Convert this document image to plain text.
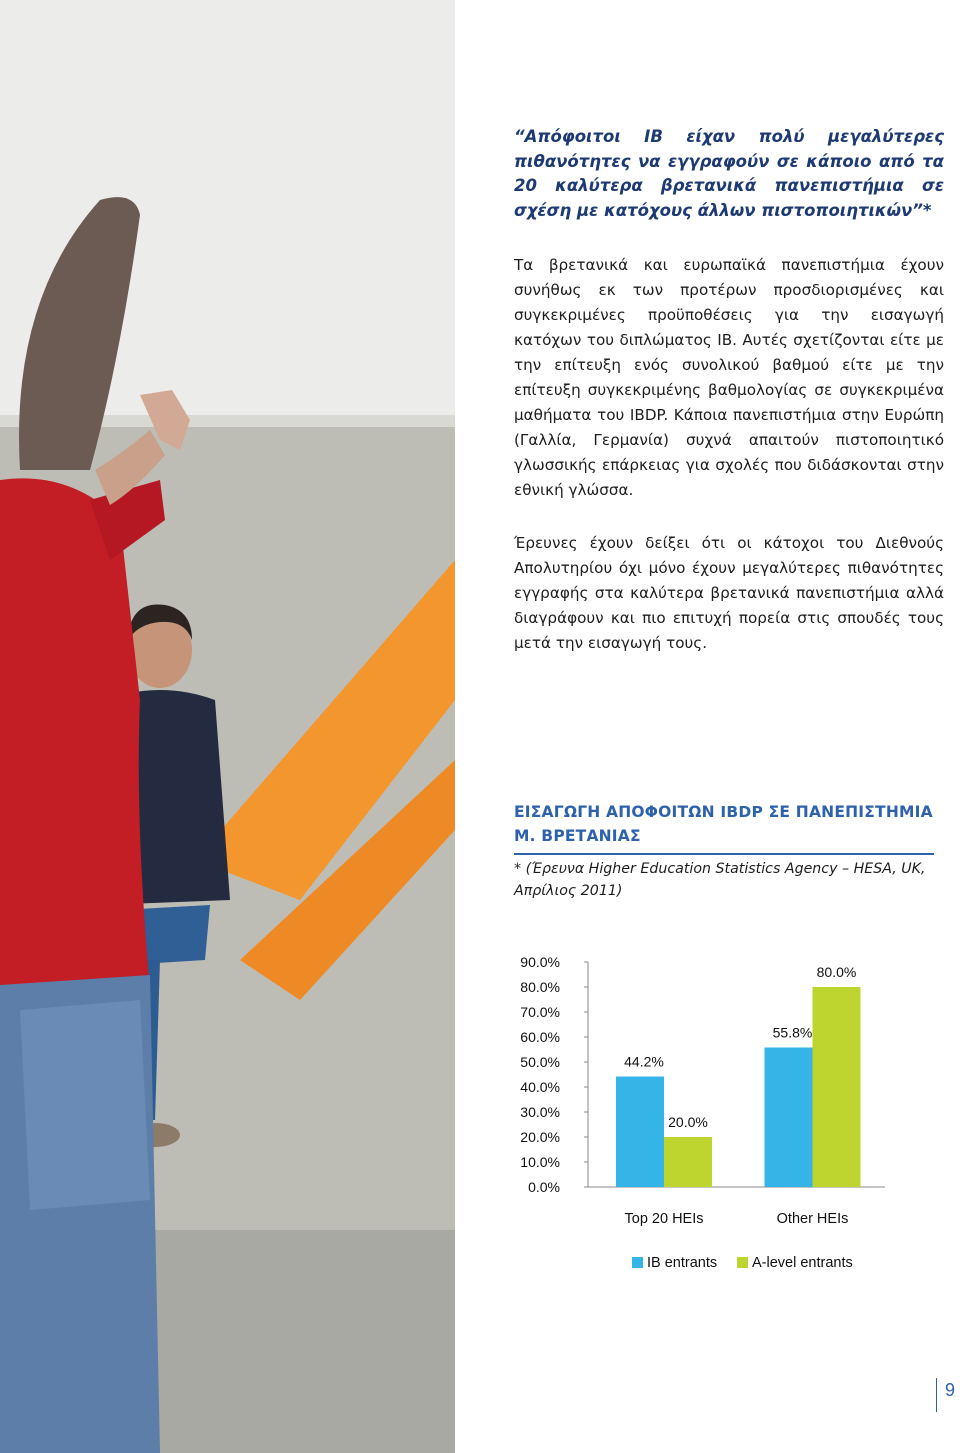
“Απόφοιτοι IB είχαν πολύ μεγαλύτερες πιθανότητες να εγγραφούν σε κάποιο από τα 20 καλύτερα βρετανικά πανεπιστήμια σε σχέση με κατόχους άλλων πιστοποιητικών”*

Τα βρετανικά και ευρωπαϊκά πανεπιστήμια έχουν συνήθως εκ των προτέρων προσδιορισμένες και συγκεκριμένες προϋποθέσεις για την εισαγωγή κατόχων του διπλώματος IB. Αυτές σχετίζονται είτε με την επίτευξη ενός συνολικού βαθμού είτε με την επίτευξη συγκεκριμένης βαθμολογίας σε συγκεκριμένα μαθήματα του IBDP. Κάποια πανεπιστήμια στην Ευρώπη (Γαλλία, Γερμανία) συχνά απαιτούν πιστοποιητικό γλωσσικής επάρκειας για σχολές που διδάσκονται στην εθνική γλώσσα.

Έρευνες έχουν δείξει ότι οι κάτοχοι του Διεθνούς Απολυτηρίου όχι μόνο έχουν μεγαλύτερες πιθανότητες εγγραφής στα καλύτερα βρετανικά πανεπιστήμια αλλά διαγράφουν και πιο επιτυχή πορεία στις σπουδές τους μετά την εισαγωγή τους.

ΕΙΣΑΓΩΓΗ ΑΠΟΦΟΙΤΩΝ IBDP ΣΕ ΠΑΝΕΠΙΣΤΗΜΙΑ Μ. ΒΡΕΤΑΝΙΑΣ

* (Έρευνα Higher Education Statistics Agency – HESA, UK, Απρίλιος 2011)

90.0%
80.0%
70.0%
60.0%
50.0%
40.0%
30.0%
20.0%
10.0%
0.0%
44.2%
20.0%
Top 20 HEIs
55.8%
80.0%
Other HEIs
IB entrants A-level entrants
9
